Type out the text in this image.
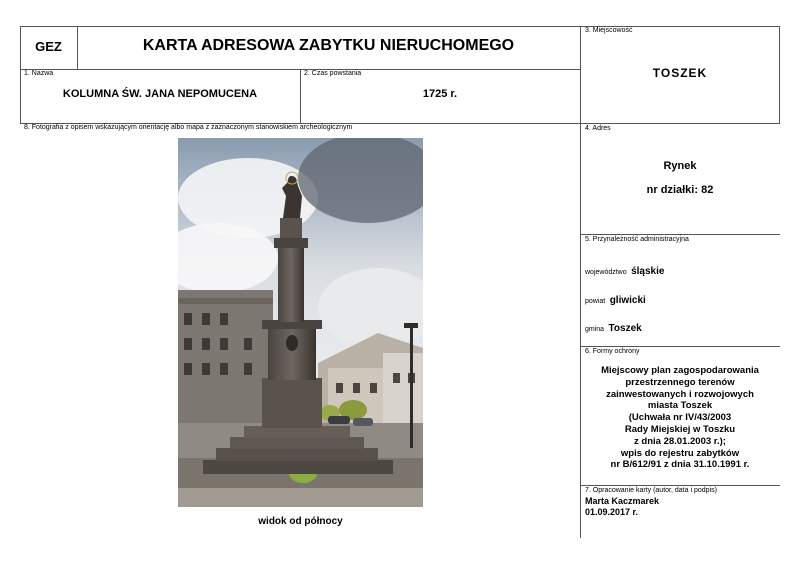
GEZ	KARTA ADRESOWA ZABYTKU NIERUCHOMEGO
1. Nazwa
KOLUMNA ŚW. JANA NEPOMUCENA
2. Czas powstania
1725 r.
3. Miejscowość
TOSZEK
8. Fotografia z opisem wskazującym orientację albo mapa z zaznaczonym stanowiskiem archeologicznym
widok od północy
4. Adres
Rynek
nr działki: 82
5. Przynależność administracyjna
województwo śląskie
powiat gliwicki
gmina Toszek
6. Formy ochrony
Miejscowy plan zagospodarowania
przestrzennego terenów
zainwestowanych i rozwojowych
miasta Toszek
(Uchwała nr IV/43/2003
Rady Miejskiej w Toszku
z dnia 28.01.2003 r.);
wpis do rejestru zabytków
nr B/612/91 z dnia 31.10.1991 r.
7. Opracowanie karty (autor, data i podpis)
Marta Kaczmarek
01.09.2017 r.
